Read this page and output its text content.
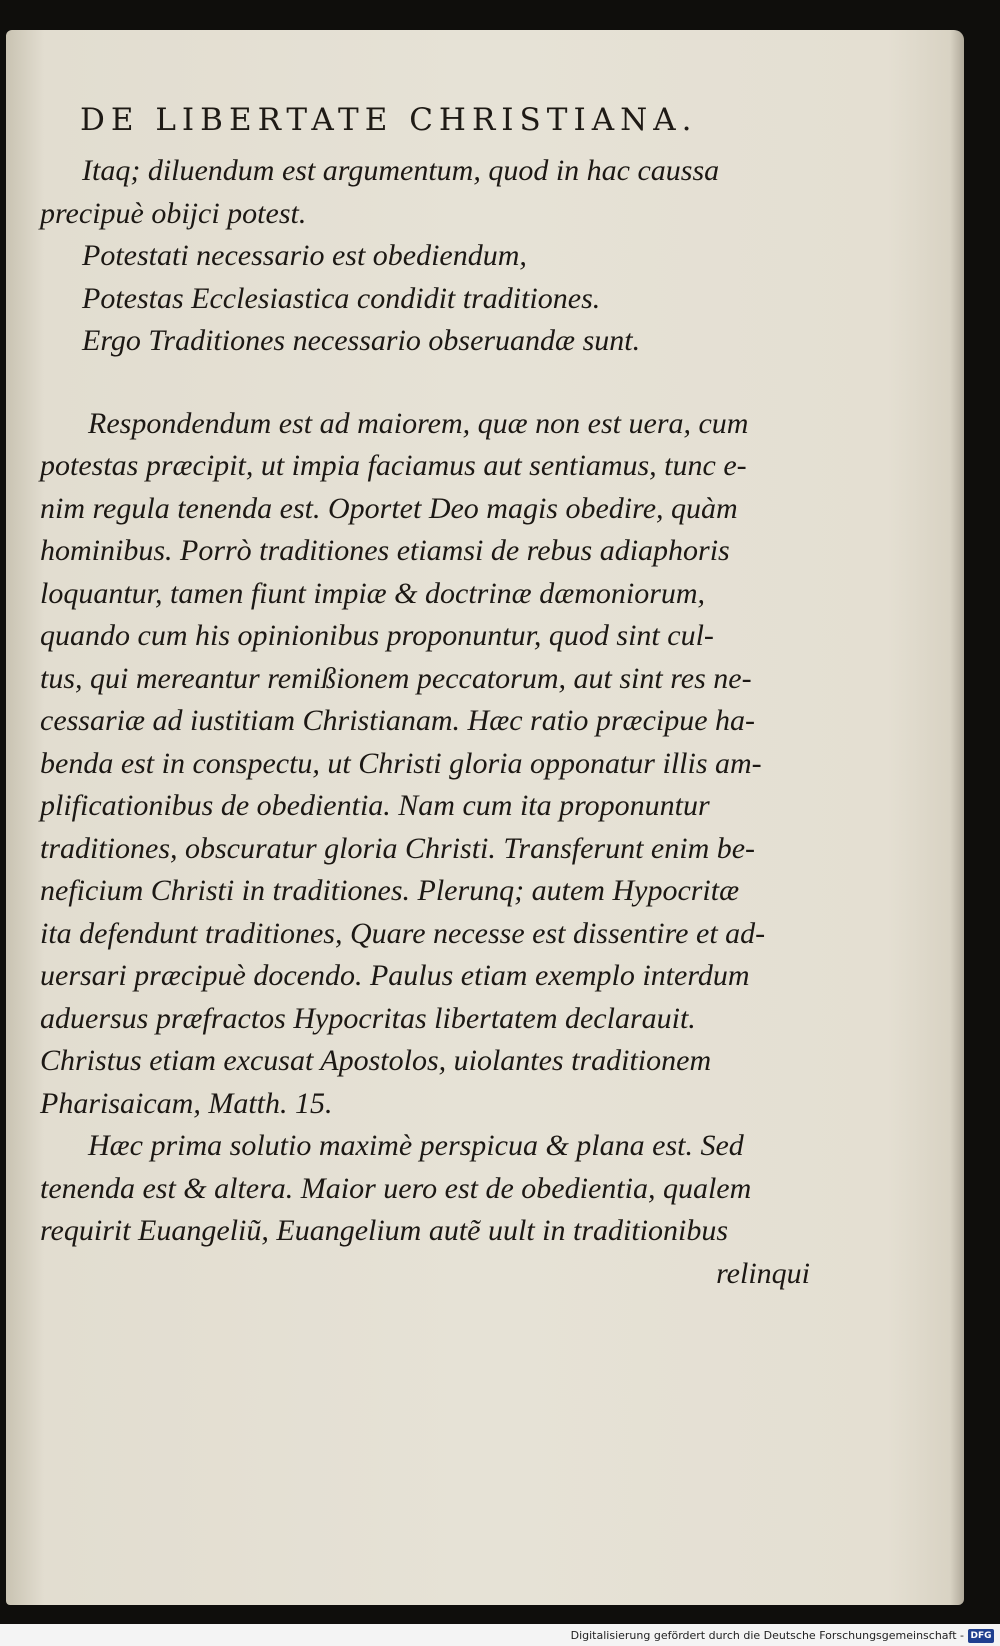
DE LIBERTATE CHRISTIANA.
Itaq; diluendum est argumentum, quod in hac caussa
precipuè obijci potest.
Potestati necessario est obediendum,
Potestas Ecclesiastica condidit traditiones.
Ergo Traditiones necessario obseruandæ sunt.
Respondendum est ad maiorem, quæ non est uera, cum
potestas præcipit, ut impia faciamus aut sentiamus, tunc e-
nim regula tenenda est. Oportet Deo magis obedire, quàm
hominibus. Porrò traditiones etiamsi de rebus adiaphoris
loquantur, tamen fiunt impiæ & doctrinæ dæmoniorum,
quando cum his opinionibus proponuntur, quod sint cul-
tus, qui mereantur remißionem peccatorum, aut sint res ne-
cessariæ ad iustitiam Christianam. Hæc ratio præcipue ha-
benda est in conspectu, ut Christi gloria opponatur illis am-
plificationibus de obedientia. Nam cum ita proponuntur
traditiones, obscuratur gloria Christi. Transferunt enim be-
neficium Christi in traditiones. Plerunq; autem Hypocritæ
ita defendunt traditiones, Quare necesse est dissentire et ad-
uersari præcipuè docendo. Paulus etiam exemplo interdum
aduersus præfractos Hypocritas libertatem declarauit.
Christus etiam excusat Apostolos, uiolantes traditionem
Pharisaicam, Matth. 15.
Hæc prima solutio maximè perspicua & plana est. Sed
tenenda est & altera. Maior uero est de obedientia, qualem
requirit Euangeliũ, Euangelium autẽ uult in traditionibus
relinqui
Digitalisierung gefördert durch die Deutsche Forschungsgemeinschaft - DFG
